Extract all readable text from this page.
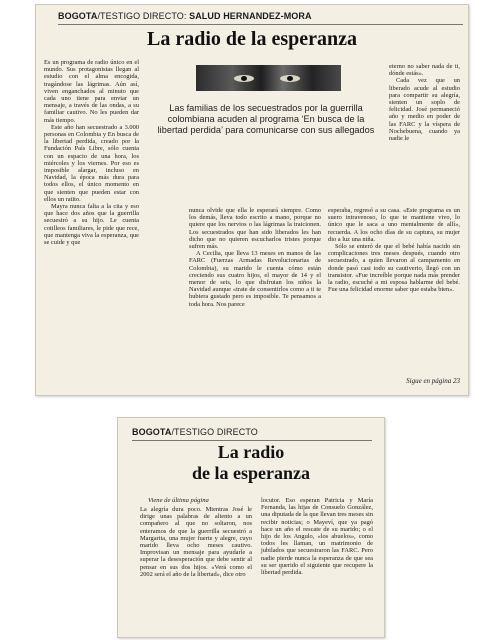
BOGOTA/TESTIGO DIRECTO: SALUD HERNANDEZ-MORA
La radio de la esperanza

Es un programa de radio único en el mundo. Sus protagonistas llegan al estudio con el alma encogida, tragándose las lágrimas. Aún así, viven enganchados al minuto que cada uno tiene para enviar un mensaje, a través de las ondas, a su familiar cautivo. No les pueden dar más tiempo.

Este año han secuestrado a 3.000 personas en Colombia y En busca de la libertad perdida, creado por la Fundación País Libre, sólo cuenta con un espacio de una hora, los miércoles y los viernes. Por eso es imposible alargar, incluso en Navidad, la época más dura para todos ellos, el único momento en que sienten que pueden estar con ellos un ratito.

Mayra nunca falta a la cita y eso que hace dos años que la guerrilla secuestró a su hijo. Le cuenta cotilleos familiares, le pide que rece, que mantenga viva la esperanza, que se cuide y que

Las familias de los secuestrados por la guerrilla colombiana acuden al programa ‘En busca de la libertad perdida’ para comunicarse con sus allegados

nunca olvide que ella le esperará siempre. Como los demás, lleva todo escrito a mano, porque no quiere que los nervios o las lágrimas la traicionen. Los secuestrados que han sido liberados les han dicho que no quieren escucharlos tristes porque sufren más.

A Cecilia, que lleva 13 meses en manos de las FARC (Fuerzas Armadas Revolucionarias de Colombia), su marido le cuenta cómo están creciendo sus cuatro hijos, el mayor de 14 y el menor de seis, lo que disfrutan los niños la Navidad aunque «trate de consentirlos como a ti te hubiera gustado pero es imposible. Te pensamos a toda hora. Nos parece

eterno no saber nada de ti, dónde estás».

Cada vez que un liberado acude al estudio para compartir su alegría, sienten un soplo de felicidad. José permaneció año y medio en poder de las FARC y la víspera de Nochebuena, cuando ya nadie le

esperaba, regresó a su casa. «Este programa es un suero intravenoso, lo que te mantiene vivo, lo único que le saca a uno mentalmente de allí», recuerda. A los ocho días de su captura, su mujer dio a luz una niña.

Sólo se enteró de que el bebé había nacido sin complicaciones tres meses después, cuando otro secuestrado, a quien llevaron al campamento en donde pasó casi todo su cautiverio, llegó con un transistor. «Fue increíble porque nada más prender la radio, escuché a mi esposa hablarme del bebé. Fue una felicidad enorme saber que estaba bien».

Sigue en página 23
BOGOTA/TESTIGO DIRECTO
La radio
de la esperanza
Viene de última página

La alegría dura poco. Mientras José le dirige unas palabras de aliento a un compañero al que no soltaron, nos enteramos de que la guerrilla secuestró a Margarita, una mujer fuerte y alegre, cuyo marido lleva ocho meses cautivo. Improvisan un mensaje para ayudarle a superar la desesperación que debe sentir al pensar en sus dos hijos. «Verá como el 2002 será el año de la libertad», dice otro

locutor. Eso esperan Patricia y María Fernanda, las hijas de Consuelo González, una diputada de la que llevan tres meses sin recibir noticias; o Mayeví, que ya pagó hace un año el rescate de su marido; o el hijo de los Angulo, «los abuelos», como todos les llaman, un matrimonio de jubilados que secuestraron las FARC. Pero nadie pierde nunca la esperanza de que sea su ser querido el siguiente que recupere la libertad perdida.
